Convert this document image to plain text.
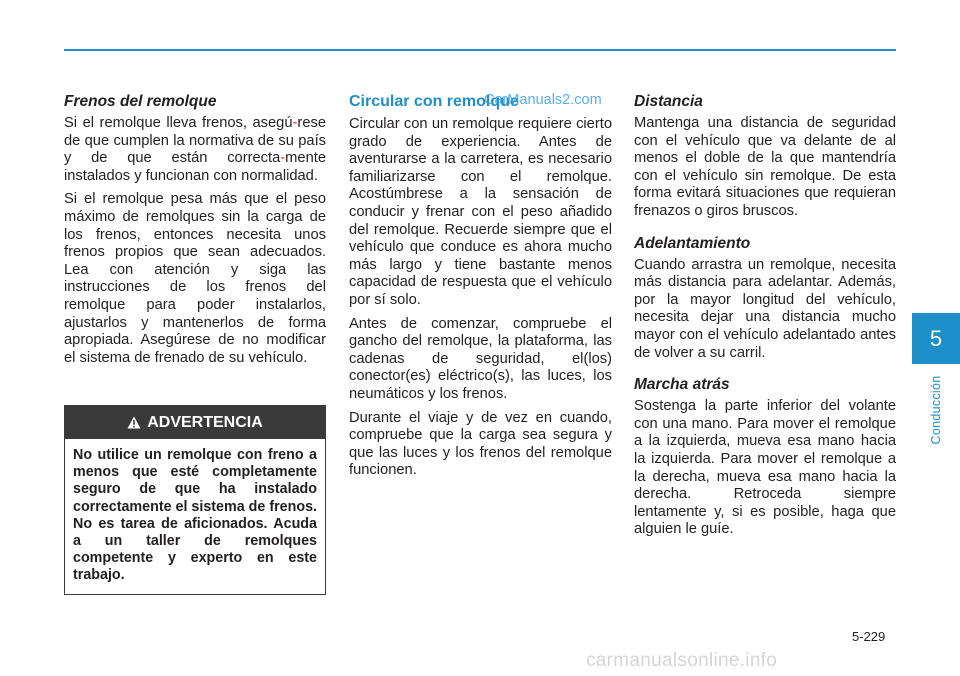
Frenos del remolque

Si el remolque lleva frenos, asegú-rese de que cumplen la normativa de su país y de que están correcta-mente instalados y funcionan con normalidad.

Si el remolque pesa más que el peso máximo de remolques sin la carga de los frenos, entonces necesita unos frenos propios que sean adecuados. Lea con atención y siga las instrucciones de los frenos del remolque para poder instalarlos, ajustarlos y mantenerlos de forma apropiada. Asegúrese de no modificar el sistema de frenado de su vehículo.

ADVERTENCIA
No utilice un remolque con freno a menos que esté completamente seguro de que ha instalado correctamente el sistema de frenos. No es tarea de aficionados. Acuda a un taller de remolques competente y experto en este trabajo.
Circular con remolque

Circular con un remolque requiere cierto grado de experiencia. Antes de aventurarse a la carretera, es necesario familiarizarse con el remolque. Acostúmbrese a la sensación de conducir y frenar con el peso añadido del remolque. Recuerde siempre que el vehículo que conduce es ahora mucho más largo y tiene bastante menos capacidad de respuesta que el vehículo por sí solo.

Antes de comenzar, compruebe el gancho del remolque, la plataforma, las cadenas de seguridad, el(los) conector(es) eléctrico(s), las luces, los neumáticos y los frenos.

Durante el viaje y de vez en cuando, compruebe que la carga sea segura y que las luces y los frenos del remolque funcionen.

CarManuals2.com Distancia

Mantenga una distancia de seguridad con el vehículo que va delante de al menos el doble de la que mantendría con el vehículo sin remolque. De esta forma evitará situaciones que requieran frenazos o giros bruscos.

Adelantamiento

Cuando arrastra un remolque, necesita más distancia para adelantar. Además, por la mayor longitud del vehículo, necesita dejar una distancia mucho mayor con el vehículo adelantado antes de volver a su carril.

Marcha atrás

Sostenga la parte inferior del volante con una mano. Para mover el remolque a la izquierda, mueva esa mano hacia la izquierda. Para mover el remolque a la derecha, mueva esa mano hacia la derecha. Retroceda siempre lentamente y, si es posible, haga que alguien le guíe.

5
Conducción
5-229
carmanualsonline.info
